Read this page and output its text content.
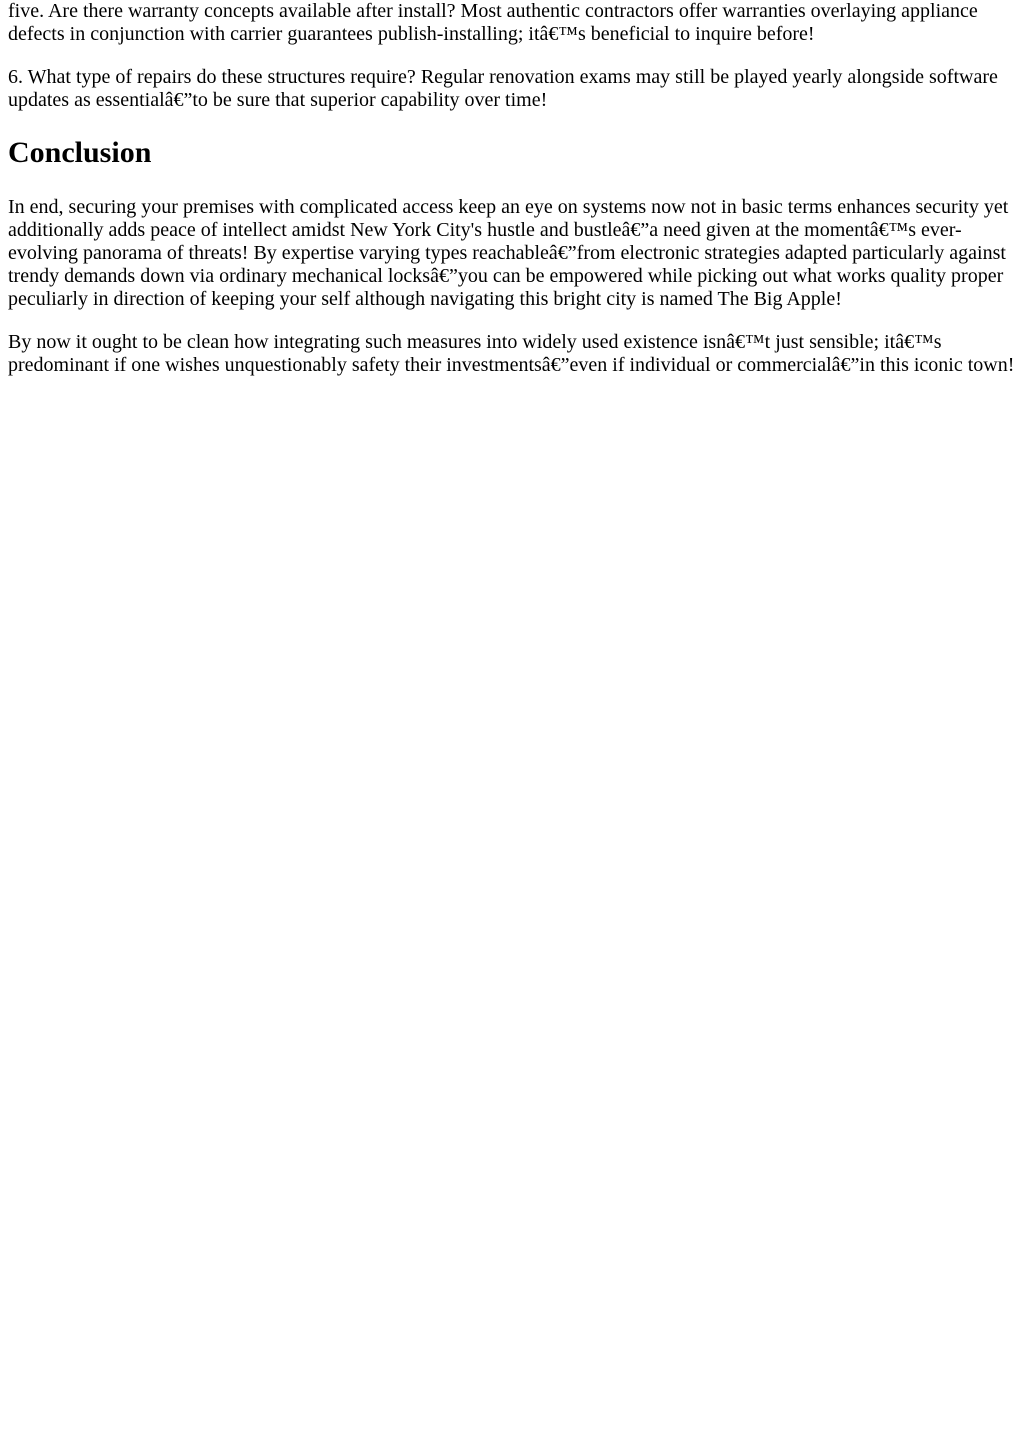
five. Are there warranty concepts available after install? Most authentic contractors offer warranties overlaying appliance defects in conjunction with carrier guarantees publish-installing; itâ€™s beneficial to inquire before!

6. What type of repairs do these structures require? Regular renovation exams may still be played yearly alongside software updates as essentialâ€”to be sure that superior capability over time!

Conclusion

In end, securing your premises with complicated access keep an eye on systems now not in basic terms enhances security yet additionally adds peace of intellect amidst New York City's hustle and bustleâ€”a need given at the momentâ€™s ever-evolving panorama of threats! By expertise varying types reachableâ€”from electronic strategies adapted particularly against trendy demands down via ordinary mechanical locksâ€”you can be empowered while picking out what works quality proper peculiarly in direction of keeping your self although navigating this bright city is named The Big Apple!

By now it ought to be clean how integrating such measures into widely used existence isnâ€™t just sensible; itâ€™s predominant if one wishes unquestionably safety their investmentsâ€”even if individual or commercialâ€”in this iconic town!
